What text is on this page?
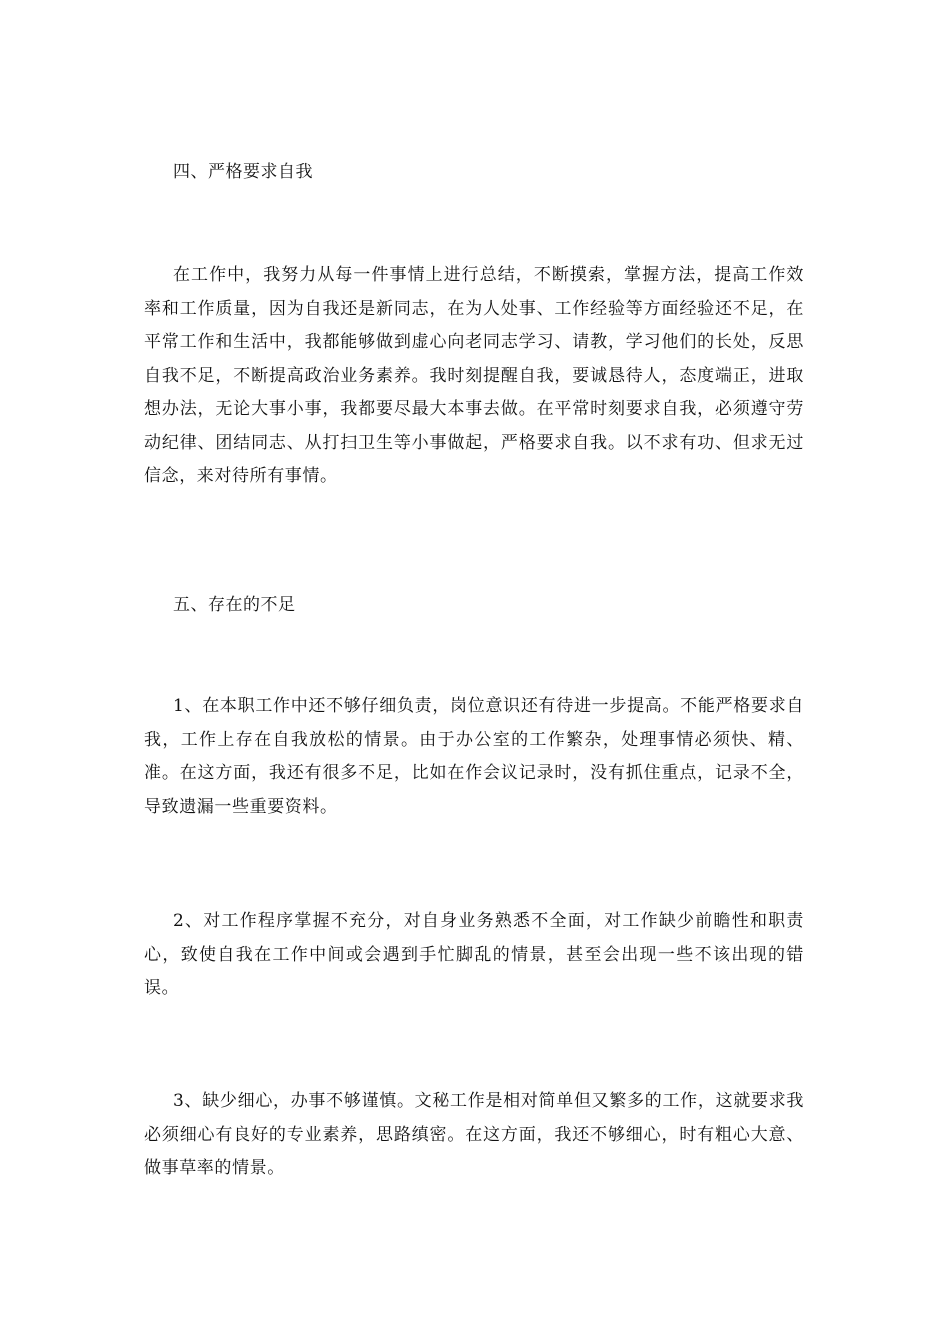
四、严格要求自我

在工作中，我努力从每一件事情上进行总结，不断摸索，掌握方法，提高工作效率和工作质量，因为自我还是新同志，在为人处事、工作经验等方面经验还不足，在平常工作和生活中，我都能够做到虚心向老同志学习、请教，学习他们的长处，反思自我不足，不断提高政治业务素养。我时刻提醒自我，要诚恳待人，态度端正，进取想办法，无论大事小事，我都要尽最大本事去做。在平常时刻要求自我，必须遵守劳动纪律、团结同志、从打扫卫生等小事做起，严格要求自我。以不求有功、但求无过信念，来对待所有事情。

五、存在的不足

1、在本职工作中还不够仔细负责，岗位意识还有待进一步提高。不能严格要求自我，工作上存在自我放松的情景。由于办公室的工作繁杂，处理事情必须快、精、准。在这方面，我还有很多不足，比如在作会议记录时，没有抓住重点，记录不全，导致遗漏一些重要资料。

2、对工作程序掌握不充分，对自身业务熟悉不全面，对工作缺少前瞻性和职责心，致使自我在工作中间或会遇到手忙脚乱的情景，甚至会出现一些不该出现的错误。

3、缺少细心，办事不够谨慎。文秘工作是相对简单但又繁多的工作，这就要求我必须细心有良好的专业素养，思路缜密。在这方面，我还不够细心，时有粗心大意、做事草率的情景。
